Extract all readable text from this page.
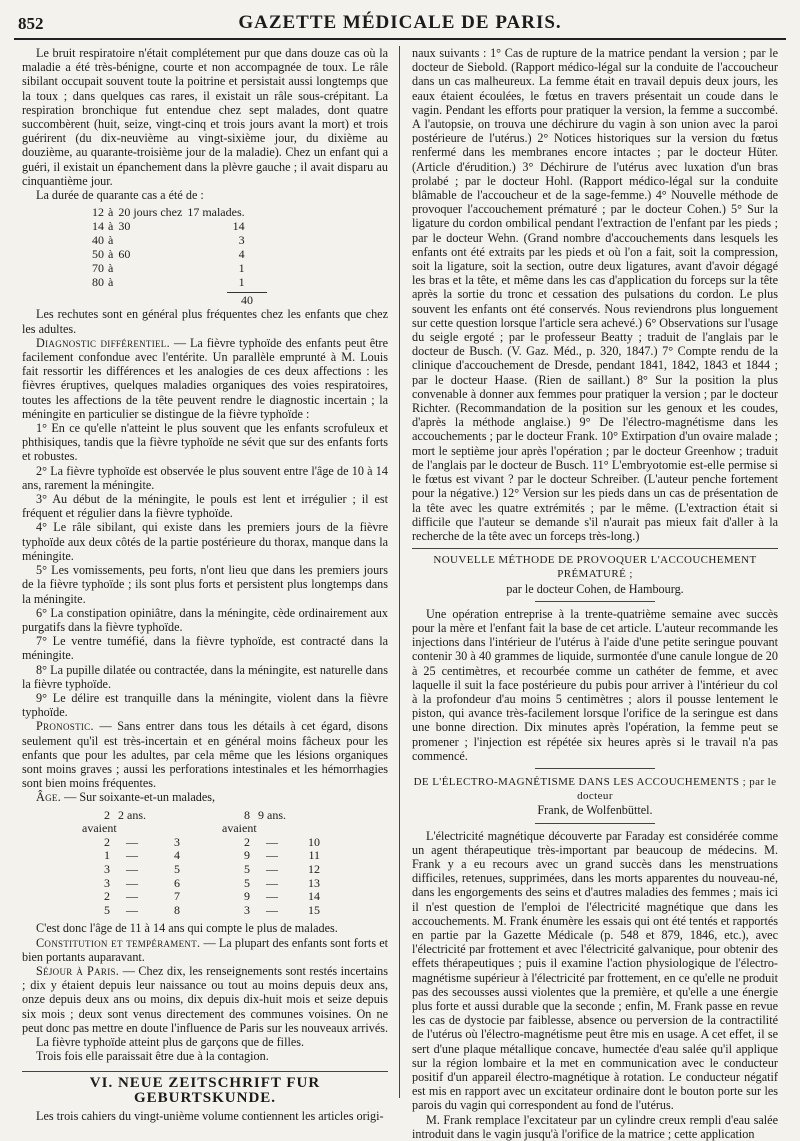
852	GAZETTE MÉDICALE DE PARIS.

Le bruit respiratoire n'était complétement pur que dans douze cas où la maladie a été très-bénigne, courte et non accompagnée de toux. Le râle sibilant occupait souvent toute la poitrine et persistait aussi longtemps que la toux ; dans quelques cas rares, il existait un râle sous-crépitant. La respiration bronchique fut entendue chez sept malades, dont quatre succombèrent (huit, seize, vingt-cinq et trois jours avant la mort) et trois guérirent (du dix-neuvième au vingt-sixième jour, du dixième au douzième, au quarante-troisième jour de la maladie). Chez un enfant qui a guéri, il existait un épanchement dans la plèvre gauche ; il avait disparu au cinquantième jour.

La durée de quarante cas a été de :

12	à	20 jours chez	17 malades.
14	à	30	14
40	à		3
50	à	60	4
70	à		1
80	à		1
40

Les rechutes sont en général plus fréquentes chez les enfants que chez les adultes.

Diagnostic différentiel. — La fièvre typhoïde des enfants peut être facilement confondue avec l'entérite. Un parallèle emprunté à M. Louis fait ressortir les différences et les analogies de ces deux affections : les fièvres éruptives, quelques maladies organiques des voies respiratoires, toutes les affections de la tête peuvent rendre le diagnostic incertain ; la méningite en particulier se distingue de la fièvre typhoïde :

1° En ce qu'elle n'atteint le plus souvent que les enfants scrofuleux et phthisiques, tandis que la fièvre typhoïde ne sévit que sur des enfants forts et robustes.

2° La fièvre typhoïde est observée le plus souvent entre l'âge de 10 à 14 ans, rarement la méningite.

3° Au début de la méningite, le pouls est lent et irrégulier ; il est fréquent et régulier dans la fièvre typhoïde.

4° Le râle sibilant, qui existe dans les premiers jours de la fièvre typhoïde aux deux côtés de la partie postérieure du thorax, manque dans la méningite.

5° Les vomissements, peu forts, n'ont lieu que dans les premiers jours de la fièvre typhoïde ; ils sont plus forts et persistent plus longtemps dans la méningite.

6° La constipation opiniâtre, dans la méningite, cède ordinairement aux purgatifs dans la fièvre typhoïde.

7° Le ventre tuméfié, dans la fièvre typhoïde, est contracté dans la méningite.

8° La pupille dilatée ou contractée, dans la méningite, est naturelle dans la fièvre typhoïde.

9° Le délire est tranquille dans la méningite, violent dans la fièvre typhoïde.

Pronostic. — Sans entrer dans tous les détails à cet égard, disons seulement qu'il est très-incertain et en général moins fâcheux pour les enfants que pour les adultes, par cela même que les lésions organiques sont moins graves ; aussi les perforations intestinales et les hémorrhagies sont bien moins fréquentes.

Âge. — Sur soixante-et-un malades,

2 avaient
2 ans.
2	—	3
1	—	4
3	—	5
3	—	6
2	—	7
5	—	8
8 avaient
9 ans.
2	—	10
9	—	11
5	—	12
5	—	13
9	—	14
3	—	15

C'est donc l'âge de 11 à 14 ans qui compte le plus de malades.

Constitution et tempérament. — La plupart des enfants sont forts et bien portants auparavant.

Séjour à Paris. — Chez dix, les renseignements sont restés incertains ; dix y étaient depuis leur naissance ou tout au moins depuis deux ans, onze depuis deux ans ou moins, dix depuis dix-huit mois et seize depuis six mois ; deux sont venus directement des communes voisines. On ne peut donc pas mettre en doute l'influence de Paris sur les nouveaux arrivés.

La fièvre typhoïde atteint plus de garçons que de filles.

Trois fois elle paraissait être due à la contagion.

VI. NEUE ZEITSCHRIFT FUR GEBURTSKUNDE.

Les trois cahiers du vingt-unième volume contiennent les articles origi-

naux suivants : 1° Cas de rupture de la matrice pendant la version ; par le docteur de Siebold. (Rapport médico-légal sur la conduite de l'accoucheur dans un cas malheureux. La femme était en travail depuis deux jours, les eaux étaient écoulées, le fœtus en travers présentait un coude dans le vagin. Pendant les efforts pour pratiquer la version, la femme a succombé. A l'autopsie, on trouva une déchirure du vagin à son union avec la paroi postérieure de l'utérus.) 2° Notices historiques sur la version du fœtus renfermé dans les membranes encore intactes ; par le docteur Hüter. (Article d'érudition.) 3° Déchirure de l'utérus avec luxation d'un bras prolabé ; par le docteur Hohl. (Rapport médico-légal sur la conduite blâmable de l'accoucheur et de la sage-femme.) 4° Nouvelle méthode de provoquer l'accouchement prématuré ; par le docteur Cohen.) 5° Sur la ligature du cordon ombilical pendant l'extraction de l'enfant par les pieds ; par le docteur Wehn. (Grand nombre d'accouchements dans lesquels les enfants ont été extraits par les pieds et où l'on a fait, soit la compression, soit la ligature, soit la section, outre deux ligatures, avant d'avoir dégagé les bras et la tête, et même dans les cas d'application du forceps sur la tête après la sortie du tronc et cessation des pulsations du cordon. Le plus souvent les enfants ont été conservés. Nous reviendrons plus longuement sur cette question lorsque l'article sera achevé.) 6° Observations sur l'usage du seigle ergoté ; par le professeur Beatty ; traduit de l'anglais par le docteur de Busch. (V. Gaz. Méd., p. 320, 1847.) 7° Compte rendu de la clinique d'accouchement de Dresde, pendant 1841, 1842, 1843 et 1844 ; par le docteur Haase. (Rien de saillant.) 8° Sur la position la plus convenable à donner aux femmes pour pratiquer la version ; par le docteur Richter. (Recommandation de la position sur les genoux et les coudes, d'après la méthode anglaise.) 9° De l'électro-magnétisme dans les accouchements ; par le docteur Frank. 10° Extirpation d'un ovaire malade ; mort le septième jour après l'opération ; par le docteur Greenhow ; traduit de l'anglais par le docteur de Busch. 11° L'embryotomie est-elle permise si le fœtus est vivant ? par le docteur Schreiber. (L'auteur penche fortement pour la négative.) 12° Version sur les pieds dans un cas de présentation de la tête avec les quatre extrémités ; par le même. (L'extraction était si difficile que l'auteur se demande s'il n'aurait pas mieux fait d'aller à la recherche de la tête avec un forceps très-long.)

NOUVELLE MÉTHODE DE PROVOQUER L'ACCOUCHEMENT PRÉMATURÉ ;
par le docteur Cohen, de Hambourg.

Une opération entreprise à la trente-quatrième semaine avec succès pour la mère et l'enfant fait la base de cet article. L'auteur recommande les injections dans l'intérieur de l'utérus à l'aide d'une petite seringue pouvant contenir 30 à 40 grammes de liquide, surmontée d'une canule longue de 20 à 25 centimètres, et recourbée comme un cathéter de femme, et avec laquelle il suit la face postérieure du pubis pour arriver à l'intérieur du col à la profondeur d'au moins 5 centimètres ; alors il pousse lentement le piston, qui avance très-facilement lorsque l'orifice de la seringue est dans une bonne direction. Dix minutes après l'opération, la femme peut se promener ; l'injection est répétée six heures après si le travail n'a pas commencé.

DE L'ÉLECTRO-MAGNÉTISME DANS LES ACCOUCHEMENTS ; par le docteur
Frank, de Wolfenbüttel.

L'électricité magnétique découverte par Faraday est considérée comme un agent thérapeutique très-important par beaucoup de médecins. M. Frank y a eu recours avec un grand succès dans les menstruations difficiles, retenues, supprimées, dans les morts apparentes du nouveau-né, dans les engorgements des seins et d'autres maladies des femmes ; mais ici il n'est question de l'emploi de l'électricité magnétique que dans les accouchements. M. Frank énumère les essais qui ont été tentés et rapportés en partie par la Gazette Médicale (p. 548 et 879, 1846, etc.), avec l'électricité par frottement et avec l'électricité galvanique, pour obtenir des effets thérapeutiques ; puis il examine l'action physiologique de l'électro-magnétisme supérieur à l'électricité par frottement, en ce qu'elle ne produit pas des secousses aussi violentes que la première, et qu'elle a une énergie plus forte et aussi durable que la seconde ; enfin, M. Frank passe en revue les cas de dystocie par faiblesse, absence ou perversion de la contractilité de l'utérus où l'électro-magnétisme peut être mis en usage. A cet effet, il se sert d'une plaque métallique concave, humectée d'eau salée qu'il applique sur la région lombaire et la met en communication avec le conducteur positif d'un appareil électro-magnétique à rotation. Le conducteur négatif est mis en rapport avec un excitateur ordinaire dont le bouton porte sur les parois du vagin qui correspondent au fond de l'utérus.

M. Frank remplace l'excitateur par un cylindre creux rempli d'eau salée introduit dans le vagin jusqu'à l'orifice de la matrice ; cette application
